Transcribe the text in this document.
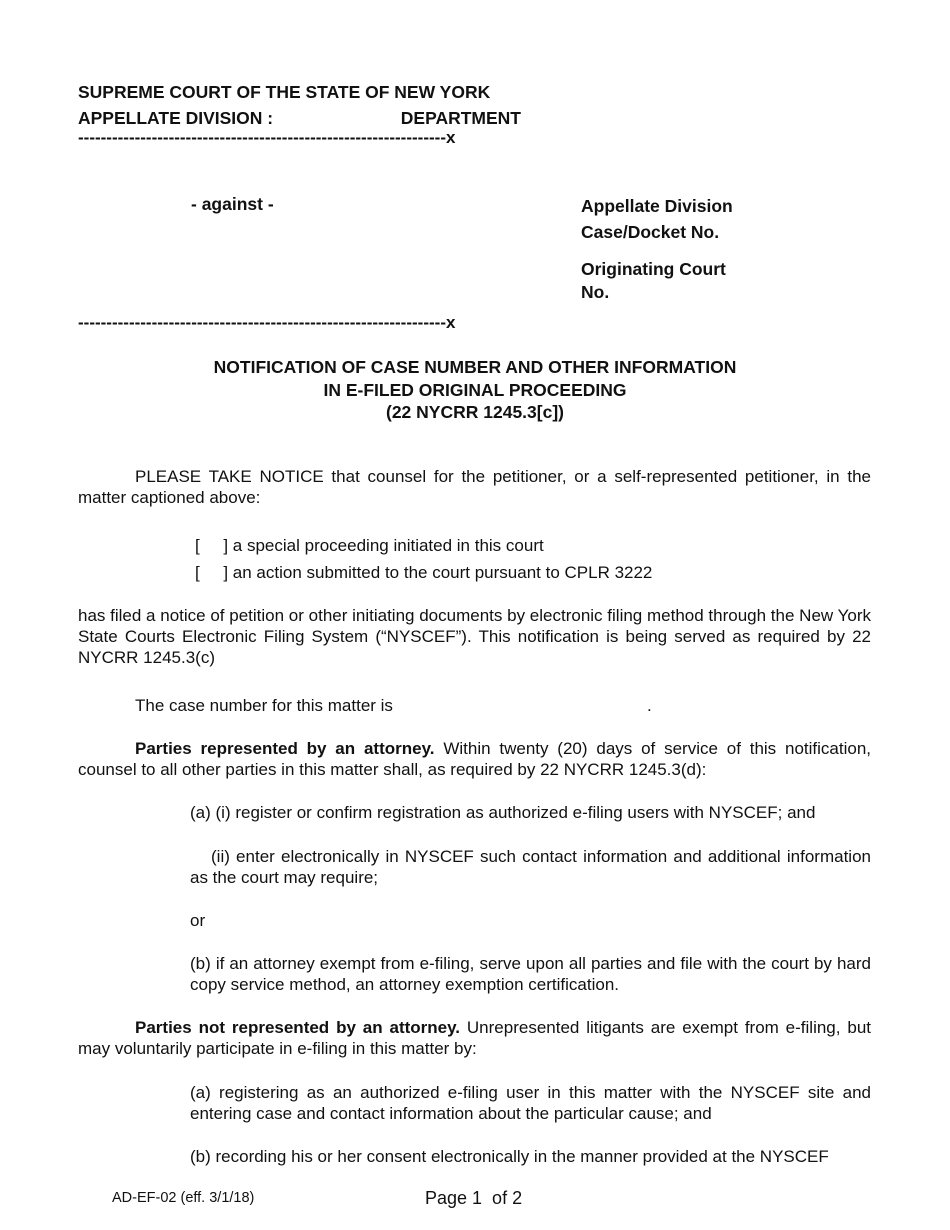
SUPREME COURT OF THE STATE OF NEW YORK
APPELLATE DIVISION :	DEPARTMENT
-----------------------------------------------------------------x
- against -	Appellate Division
Case/Docket No.
Originating Court
No.
-----------------------------------------------------------------x
NOTIFICATION OF CASE NUMBER AND OTHER INFORMATION
IN E-FILED ORIGINAL PROCEEDING
(22 NYCRR 1245.3[c])
PLEASE TAKE NOTICE that counsel for the petitioner, or a self-represented petitioner, in the matter captioned above:
[     ] a special proceeding initiated in this court
[     ] an action submitted to the court pursuant to CPLR 3222
has filed a notice of petition or other initiating documents by electronic filing method through the New York State Courts Electronic Filing System (“NYSCEF”). This notification is being served as required by 22 NYCRR 1245.3(c)
The case number for this matter is	.
Parties represented by an attorney. Within twenty (20) days of service of this notification, counsel to all other parties in this matter shall, as required by 22 NYCRR 1245.3(d):
(a) (i) register or confirm registration as authorized e-filing users with NYSCEF; and
(ii) enter electronically in NYSCEF such contact information and additional information as the court may require;
or
(b) if an attorney exempt from e-filing, serve upon all parties and file with the court by hard copy service method, an attorney exemption certification.
Parties not represented by an attorney. Unrepresented litigants are exempt from e-filing, but may voluntarily participate in e-filing in this matter by:
(a) registering as an authorized e-filing user in this matter with the NYSCEF site and entering case and contact information about the particular cause; and
(b) recording his or her consent electronically in the manner provided at the NYSCEF
AD-EF-02 (eff. 3/1/18)	Page 1  of 2
